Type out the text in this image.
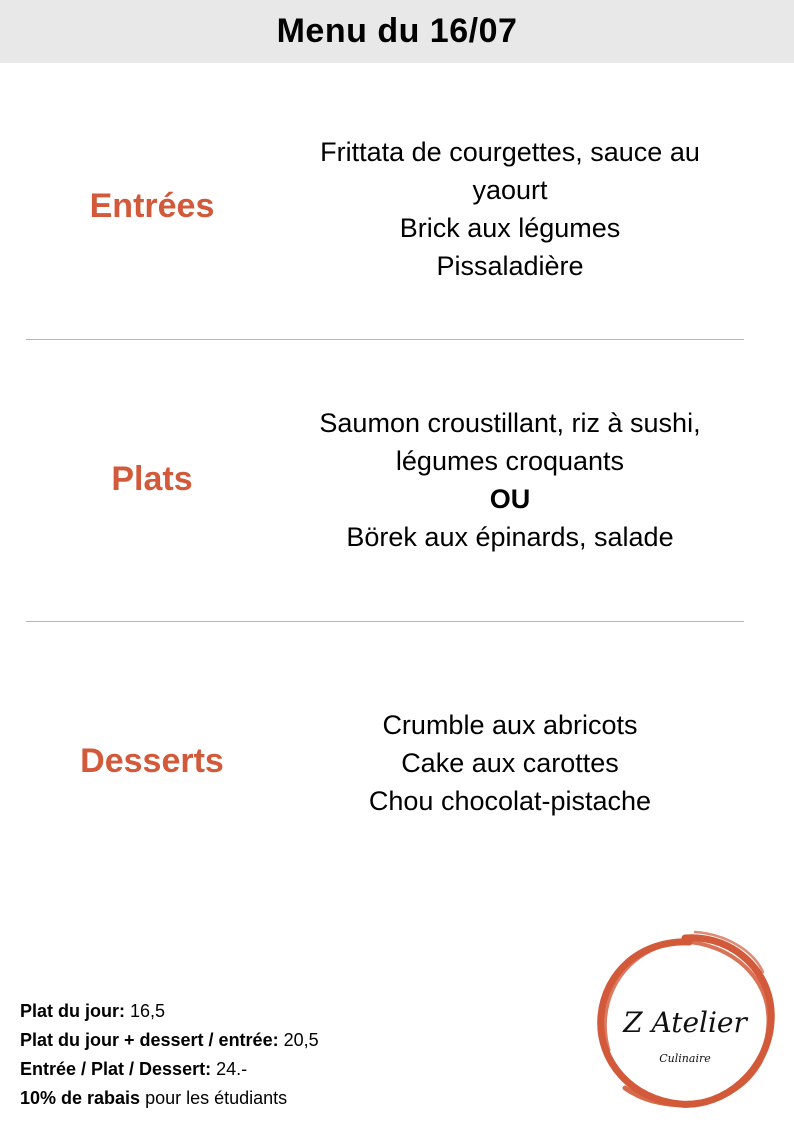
Menu du 16/07
Entrées
Frittata de courgettes, sauce au
yaourt
Brick aux légumes
Pissaladière
Plats
Saumon croustillant, riz à sushi,
légumes croquants
OU
Börek aux épinards, salade
Desserts
Crumble aux abricots
Cake aux carottes
Chou chocolat-pistache
Plat du jour: 16,5
Plat du jour + dessert / entrée: 20,5
Entrée / Plat / Dessert: 24.-
10% de rabais pour les étudiants
Z Atelier
Culinaire
